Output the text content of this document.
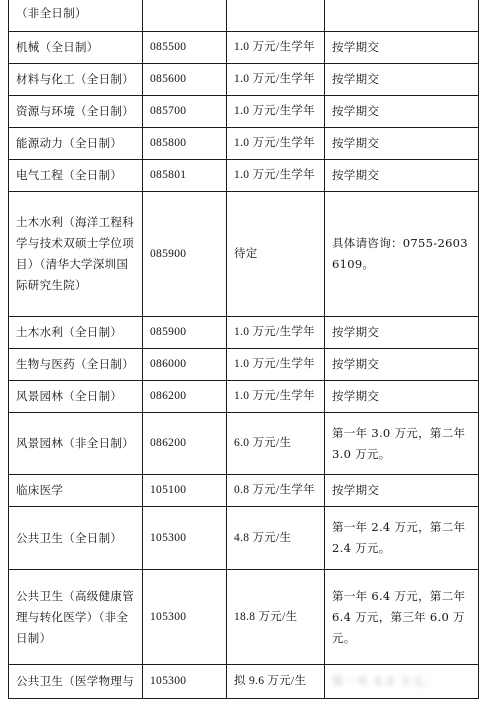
（非全日制）			
机械（全日制）	085500	1.0 万元/生学年	按学期交
材料与化工（全日制）	085600	1.0 万元/生学年	按学期交
资源与环境（全日制）	085700	1.0 万元/生学年	按学期交
能源动力（全日制）	085800	1.0 万元/生学年	按学期交
电气工程（全日制）	085801	1.0 万元/生学年	按学期交
土木水利（海洋工程科学与技术双硕士学位项目）（清华大学深圳国际研究生院）	085900	待定	具体请咨询：0755-26036109。
土木水利（全日制）	085900	1.0 万元/生学年	按学期交
生物与医药（全日制）	086000	1.0 万元/生学年	按学期交
风景园林（全日制）	086200	1.0 万元/生学年	按学期交
风景园林（非全日制）	086200	6.0 万元/生	第一年 3.0 万元，第二年 3.0 万元。
临床医学	105100	0.8 万元/生学年	按学期交
公共卫生（全日制）	105300	4.8 万元/生	第一年 2.4 万元，第二年 2.4 万元。
公共卫生（高级健康管理与转化医学）（非全日制）	105300	18.8 万元/生	第一年 6.4 万元，第二年 6.4 万元，第三年 6.0 万元。
公共卫生（医学物理与	105300	拟 9.6 万元/生	第一年 4.8 万元。
